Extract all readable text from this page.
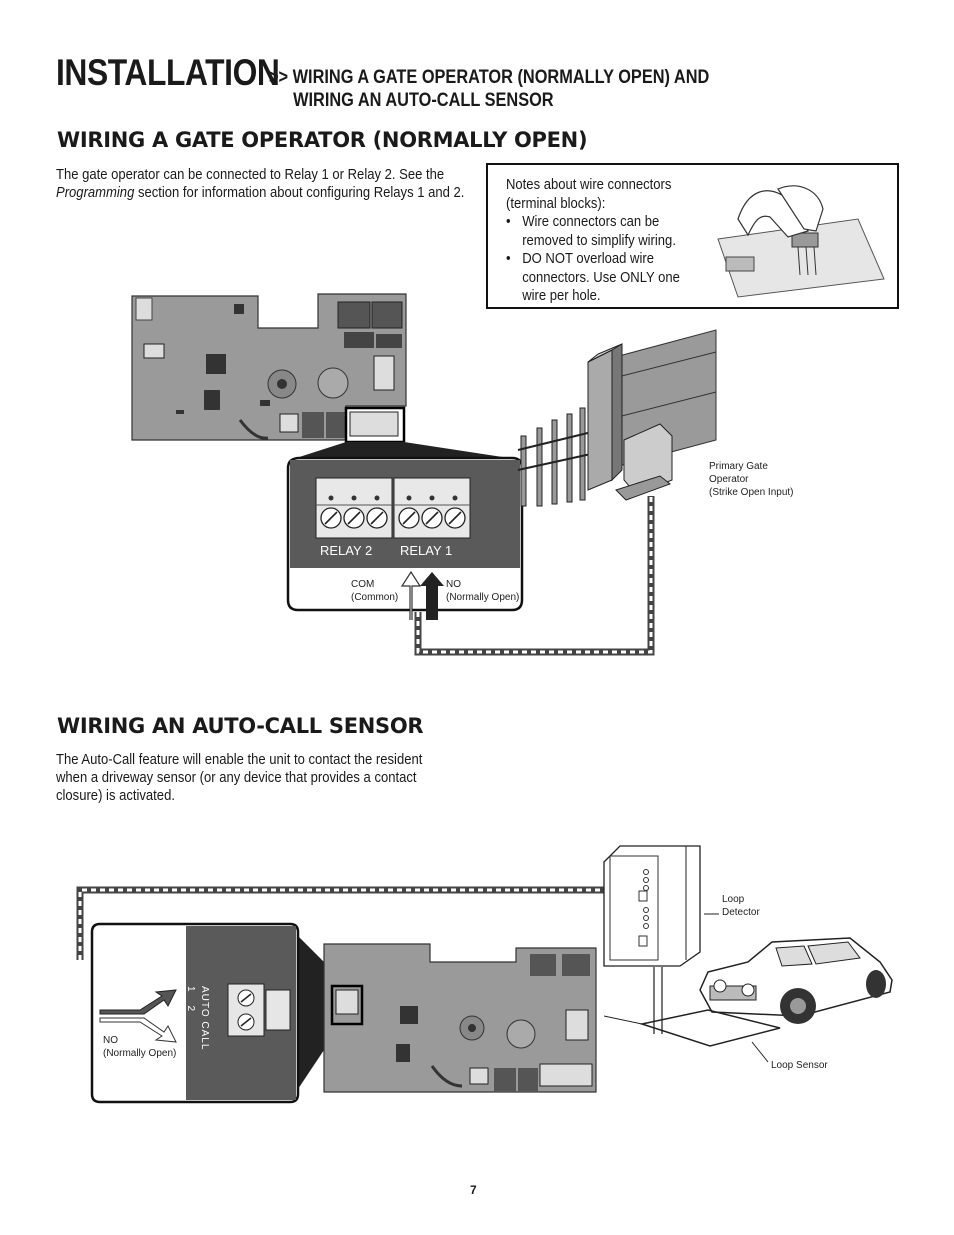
INSTALLATION
>> WIRING A GATE OPERATOR (NORMALLY OPEN) AND
WIRING AN AUTO-CALL SENSOR
WIRING A GATE OPERATOR (NORMALLY OPEN)
The gate operator can be connected to Relay 1 or Relay 2. See the Programming section for information about configuring Relays 1 and 2.	Notes about wire connectors (terminal blocks):
• Wire connectors can be removed to simplify wiring.
• DO NOT overload wire connectors. Use ONLY one wire per hole.
RELAY 2 RELAY 1
COM
(Common)
NO
(Normally Open)
Primary Gate
Operator
(Strike Open Input)
WIRING AN AUTO-CALL SENSOR
The Auto-Call feature will enable the unit to contact the resident when a driveway sensor (or any device that provides a contact closure) is activated.
1     2 AUTO CALL
NO
(Normally Open)
Loop
Detector
Loop Sensor
7
